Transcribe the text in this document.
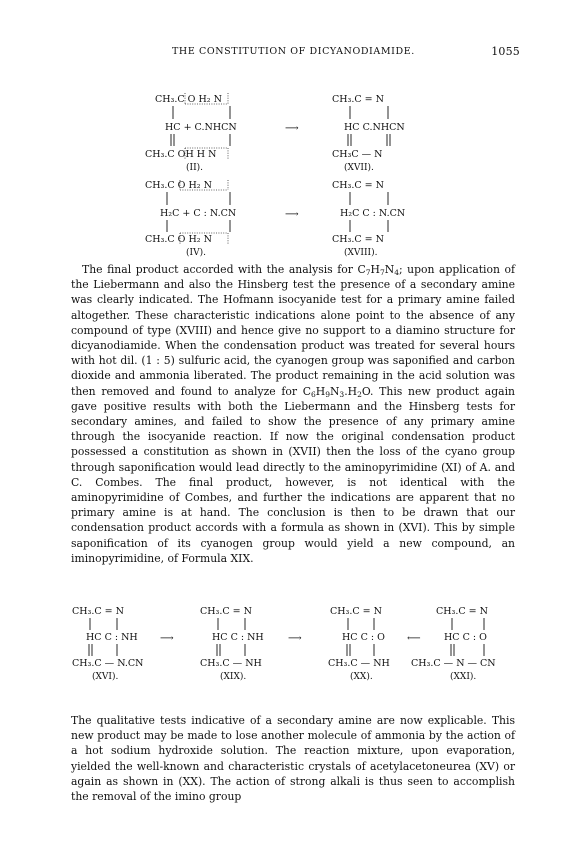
THE CONSTITUTION OF DICYANODIAMIDE.	1055
CH₃.C O H₂ N
HC + C.NHCN
CH₃.C OH H N
(II).
⟶
CH₃.C = N
HC C.NHCN
CH₃C — N
(XVII).
CH₃.C O H₂ N
H₂C + C : N.CN
CH₃.C O H₂ N
(IV).
⟶
CH₃.C = N
H₂C C : N.CN
CH₃.C = N
(XVIII).
CH₃.C = N
HC C : NH
CH₃.C — N.CN
(XVI).
⟶
CH₃.C = N
HC C : NH
CH₃.C — NH
(XIX).
⟶
CH₃.C = N
HC C : O
CH₃.C — NH
(XX).
⟵
CH₃.C = N
HC C : O
CH₃.C — N — CN
(XXI).

The final product accorded with the analysis for $C_7H_7N_4$; upon application of the Liebermann and also the Hinsberg test the presence of a secondary amine was clearly indicated. The Hofmann isocyanide test for a primary amine failed altogether. These characteristic indications alone point to the absence of any compound of type (XVIII) and hence give no support to a diamino structure for dicyanodiamide. When the condensation product was treated for several hours with hot dil. (1 : 5) sulfuric acid, the cyanogen group was saponified and carbon dioxide and ammonia liberated. The product remaining in the acid solution was then removed and found to analyze for $C_6H_9N_3.H_2O$. This new product again gave positive results with both the Liebermann and the Hinsberg tests for secondary amines, and failed to show the presence of any primary amine through the isocyanide reaction. If now the original condensation product possessed a constitution as shown in (XVII) then the loss of the cyano group through saponification would lead directly to the aminopyrimidine (XI) of A. and C. Combes. The final product, however, is not identical with the aminopyrimidine of Combes, and further the indications are apparent that no primary amine is at hand. The conclusion is then to be drawn that our condensation product accords with a formula as shown in (XVI). This by simple saponification of its cyanogen group would yield a new compound, an iminopyrimidine, of Formula XIX.

The qualitative tests indicative of a secondary amine are now explicable. This new product may be made to lose another molecule of ammonia by the action of a hot sodium hydroxide solution. The reaction mixture, upon evaporation, yielded the well-known and characteristic crystals of acetylacetoneurea (XV) or again as shown in (XX). The action of strong alkali is thus seen to accomplish the removal of the imino group
